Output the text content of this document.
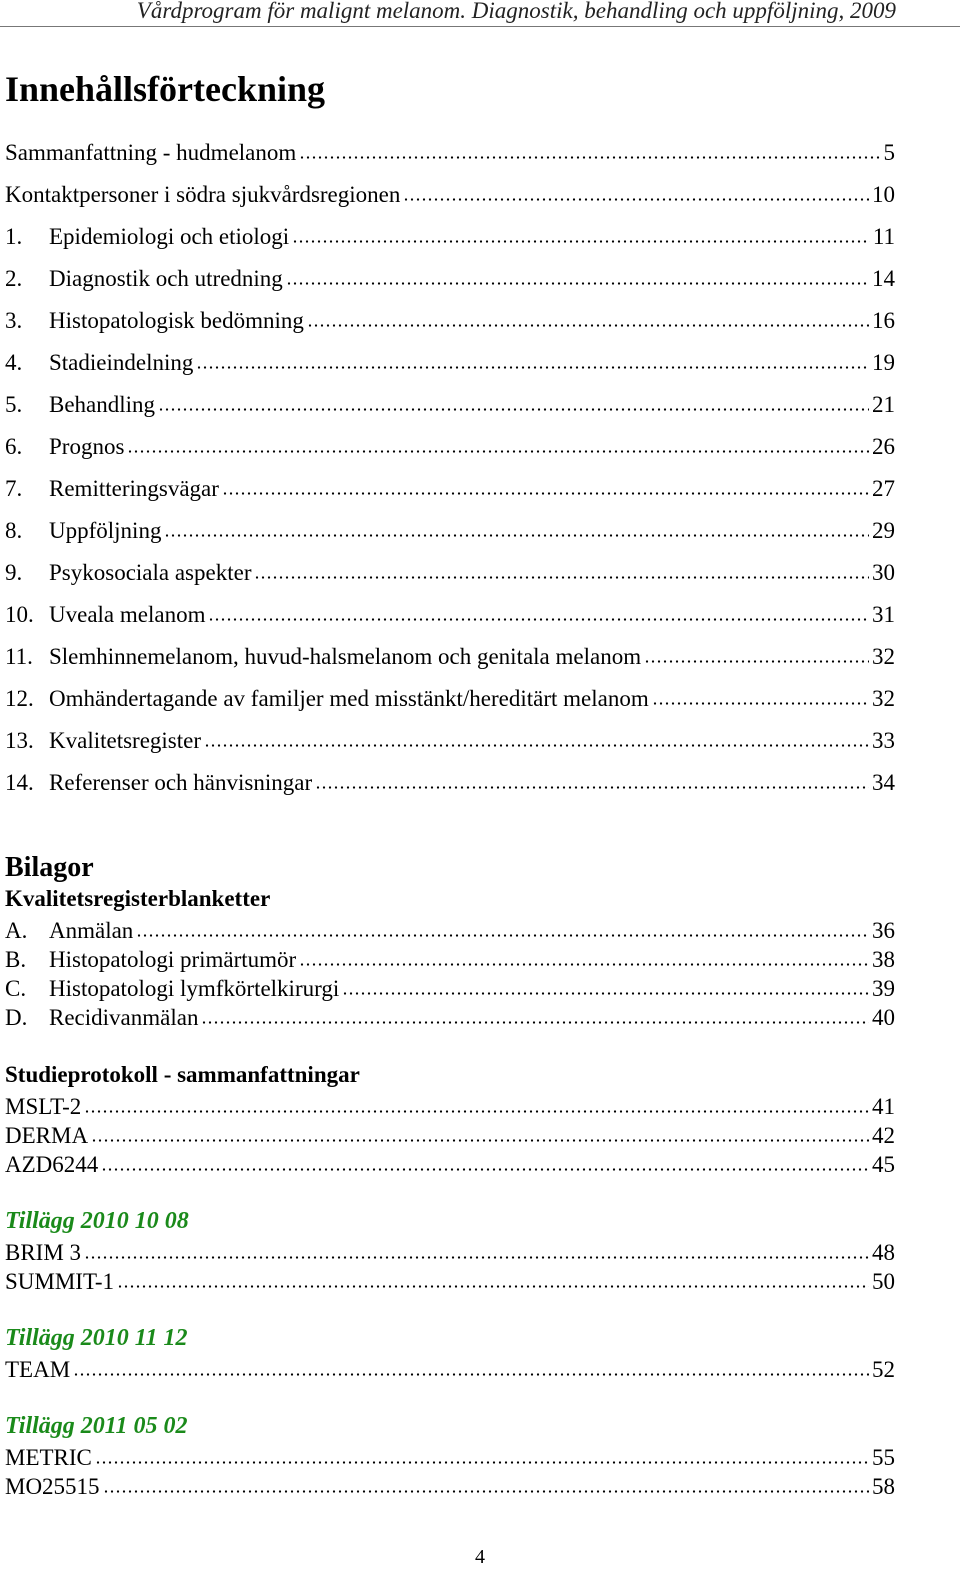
Vårdprogram för malignt melanom. Diagnostik, behandling och uppföljning, 2009
Innehållsförteckning
Sammanfattning - hudmelanom	5
Kontaktpersoner i södra sjukvårdsregionen	10
1.	Epidemiologi och etiologi	11
2.	Diagnostik och utredning	14
3.	Histopatologisk bedömning	16
4.	Stadieindelning	19
5.	Behandling	21
6.	Prognos	26
7.	Remitteringsvägar	27
8.	Uppföljning	29
9.	Psykosociala aspekter	30
10. Uveala melanom	31
11. Slemhinnemelanom, huvud-halsmelanom och genitala melanom	32
12. Omhändertagande av familjer med misstänkt/hereditärt melanom	32
13. Kvalitetsregister	33
14. Referenser och hänvisningar	34
Bilagor
Kvalitetsregisterblanketter
A. Anmälan	36
B. Histopatologi primärtumör	38
C. Histopatologi lymfkörtelkirurgi	39
D. Recidivanmälan	40
Studieprotokoll - sammanfattningar
MSLT-2	41
DERMA	42
AZD6244	45
Tillägg 2010 10 08
BRIM 3	48
SUMMIT-1	50
Tillägg 2010 11 12
TEAM	52
Tillägg 2011 05 02
METRIC	55
MO25515	58
4
